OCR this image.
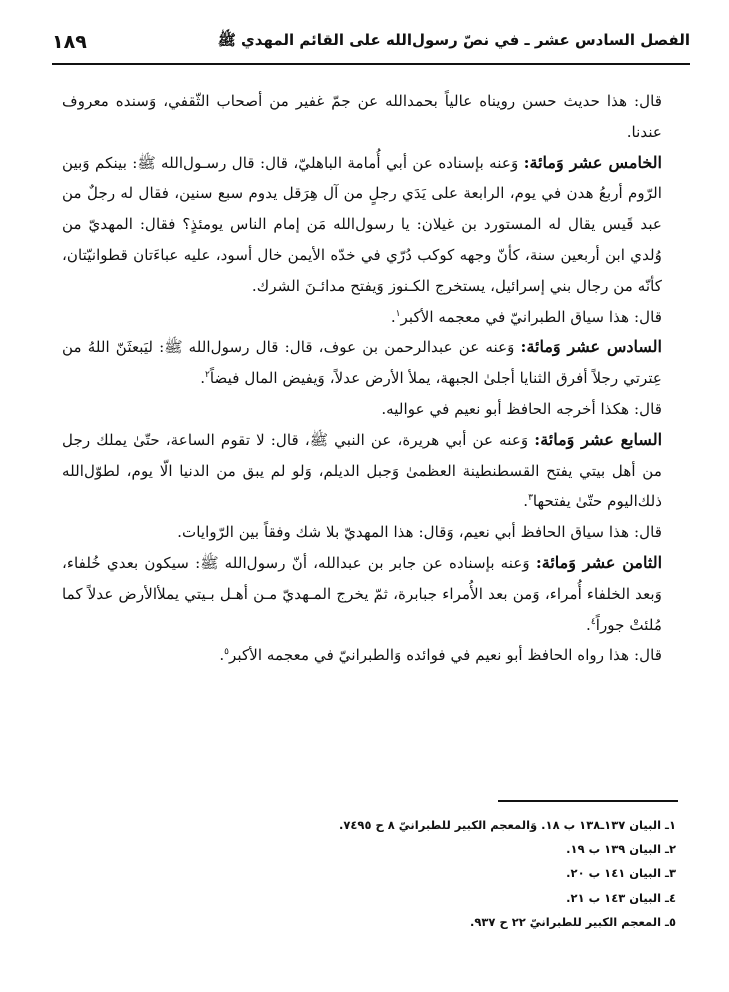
الفصل السادس عشر ـ في نصّ رسول‌الله على القائم المهدي ﷺ
١٨٩

قال: هذا حديث حسن رويناه عالياً بحمدالله عن جمّ غفير من أصحاب الثّقفي، وَسنده معروف عندنا.

الخامس عشر وَمائة: وَعنه بإسناده عن أبي أُمامة الباهليّ، قال: قال رسـول‌الله ﷺ: بينكم وَبين الرّوم أربعُ هدن في يوم، الرابعة على يَدَي رجلٍ من آل هِرَقل يدوم سبع سنين، فقال له رجلٌ من عبد قَيس يقال له المستورد بن غيلان: يا رسول‌الله مَن إمام الناس يومئذٍ؟ فقال: المهديّ من وُلدي ابن أربعين سنة، كأنّ وجهه كوكب دُرّي في خدّه الأيمن خال أسود، عليه عباءَتان قطوانيّتان، كأنّه من رجال بني إسرائيل، يستخرج الكـنوز وَيفتح مدائـنَ الشرك.

قال: هذا سياق الطبرانيّ في معجمه الأكبر$^١$.

السادس عشر وَمائة: وَعنه عن عبدالرحمن بن عوف، قال: قال رسول‌الله ﷺ: ليَبعثَنّ اللهُ من عِترتي رجلاً أفرق الثنايا أجلىٰ الجبهة، يملأ الأرض عدلاً، وَيفيض المال فيضاً$^٢$.

قال: هكذا أخرجه الحافظ أبو نعيم في عواليه.

السابع عشر وَمائة: وَعنه عن أبي هريرة، عن النبي ﷺ، قال: لا تقوم الساعة، حتّىٰ يملك رجل من أهل بيتي يفتح القسطنطينة العظمىٰ وَجبل الديلم، وَلو لم يبق من الدنيا الّا يوم، لطوّل‌الله ذلك‌اليوم حتّىٰ يفتحها$^٣$.

قال: هذا سياق الحافظ أبي نعيم، وَقال: هذا المهديّ بلا شك وفقاً بين الرّوايات.

الثامن عشر وَمائة: وَعنه بإسناده عن جابر بن عبدالله، أنّ رسول‌الله ﷺ: سيكون بعدي خُلفاء، وَبعد الخلفاء أُمراء، وَمن بعد الأُمراء جبابرة، ثمّ يخرج المـهديّ مـن أهـل بـيتي يملأالأرض عدلاً كما مُلئتْ جوراً$^٤$.

قال: هذا رواه الحافظ أبو نعيم في فوائده وَالطبرانيّ في معجمه الأكبر$^٥$.

١ـ البيان ١٣٧ـ١٣٨ ب ١٨. وَالمعجم الكبير للطبرانيّ ٨ ح ٧٤٩٥.

٢ـ البيان ١٣٩ ب ١٩.

٣ـ البيان ١٤١ ب ٢٠.

٤ـ البيان ١٤٣ ب ٢١.

٥ـ المعجم الكبير للطبرانيّ ٢٢ ح ٩٣٧.
